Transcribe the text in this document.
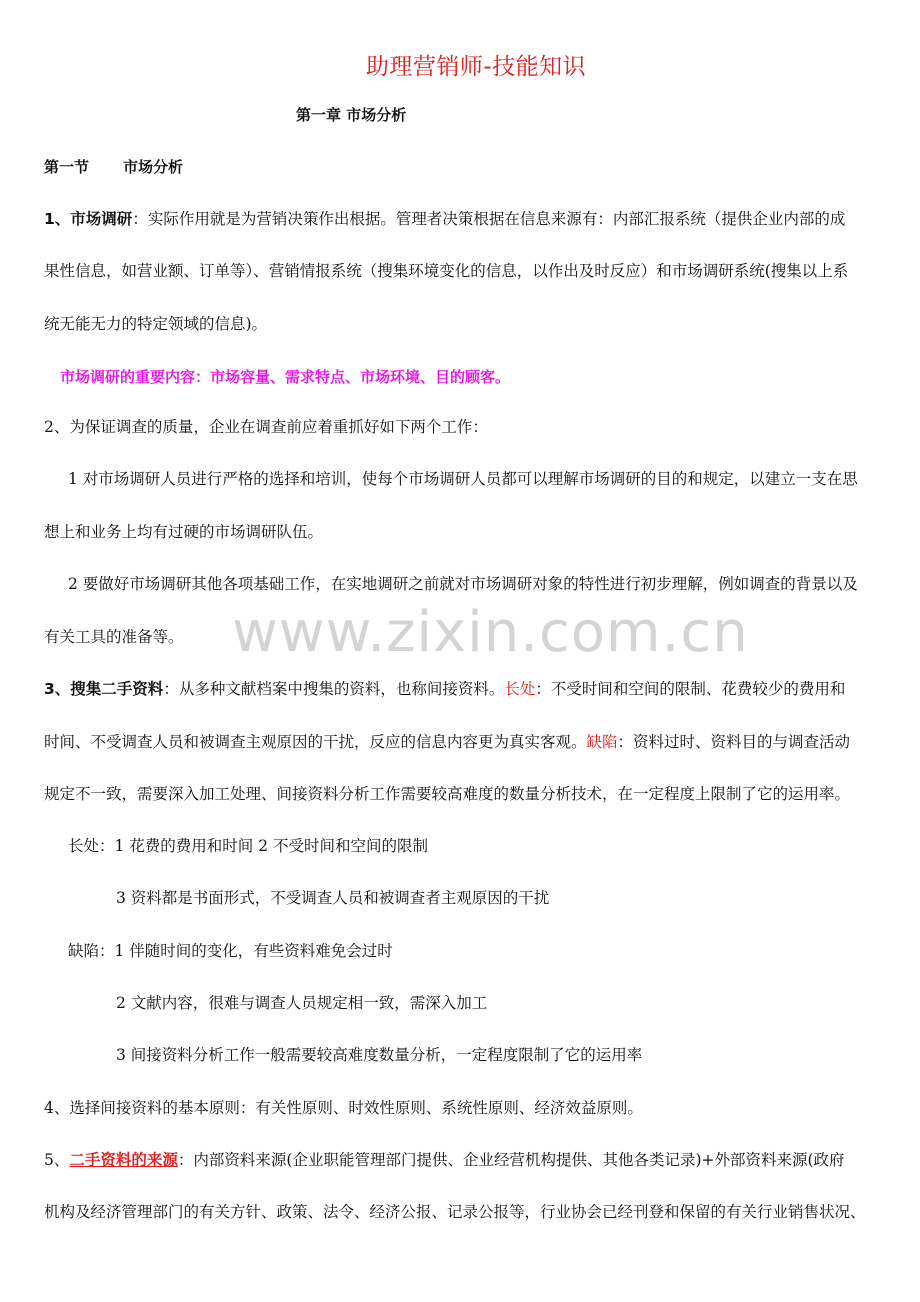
助理营销师-技能知识
第一章 市场分析
第一节 市场分析
1、市场调研：实际作用就是为营销决策作出根据。管理者决策根据在信息来源有：内部汇报系统（提供企业内部的成
果性信息，如营业额、订单等）、营销情报系统（搜集环境变化的信息，以作出及时反应）和市场调研系统(搜集以上系
统无能无力的特定领域的信息)。
市场调研的重要内容：市场容量、需求特点、市场环境、目的顾客。
2、为保证调查的质量，企业在调查前应着重抓好如下两个工作：
1 对市场调研人员进行严格的选择和培训，使每个市场调研人员都可以理解市场调研的目的和规定，以建立一支在思
想上和业务上均有过硬的市场调研队伍。
2 要做好市场调研其他各项基础工作，在实地调研之前就对市场调研对象的特性进行初步理解，例如调查的背景以及
有关工具的准备等。 www.zixin.com.cn
3、搜集二手资料：从多种文献档案中搜集的资料，也称间接资料。长处：不受时间和空间的限制、花费较少的费用和
时间、不受调查人员和被调查主观原因的干扰，反应的信息内容更为真实客观。缺陷：资料过时、资料目的与调查活动
规定不一致，需要深入加工处理、间接资料分析工作需要较高难度的数量分析技术，在一定程度上限制了它的运用率。
长处：1 花费的费用和时间 2 不受时间和空间的限制
3 资料都是书面形式，不受调查人员和被调查者主观原因的干扰
缺陷：1 伴随时间的变化，有些资料难免会过时
2 文献内容，很难与调查人员规定相一致，需深入加工
3 间接资料分析工作一般需要较高难度数量分析，一定程度限制了它的运用率
4、选择间接资料的基本原则：有关性原则、时效性原则、系统性原则、经济效益原则。
5、二手资料的来源：内部资料来源(企业职能管理部门提供、企业经营机构提供、其他各类记录)+外部资料来源(政府
机构及经济管理部门的有关方针、政策、法令、经济公报、记录公报等，行业协会已经刊登和保留的有关行业销售状况、
